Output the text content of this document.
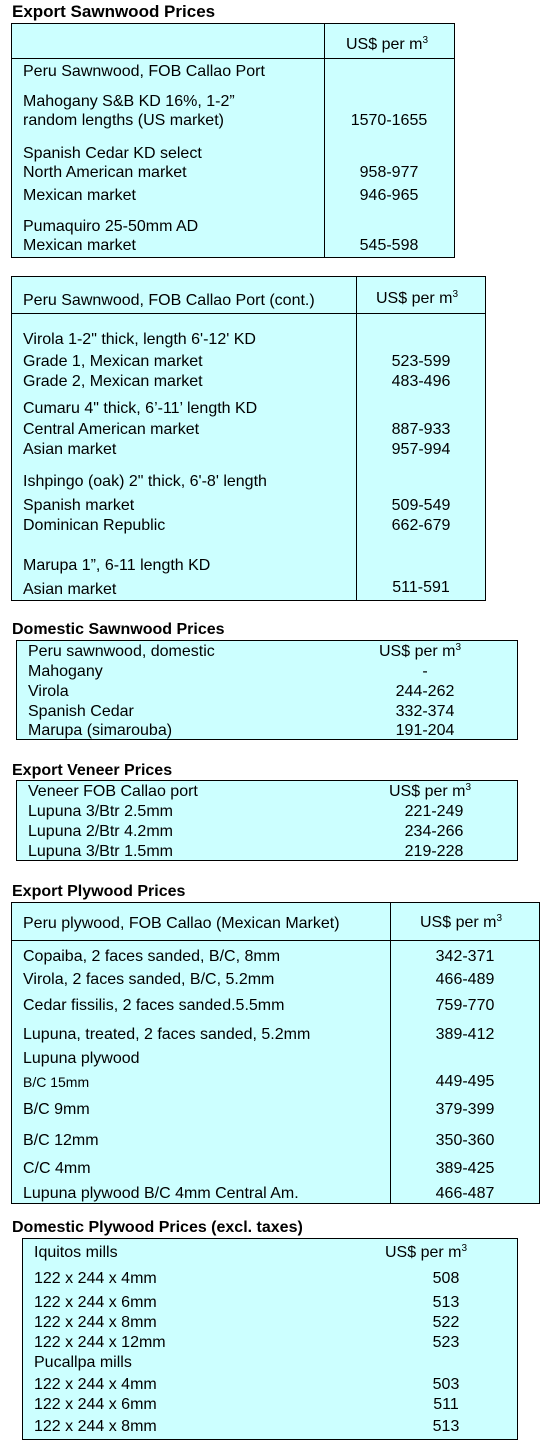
Export Sawnwood Prices
US$ per $m^3$
Peru Sawnwood, FOB Callao Port
Mahogany S&B KD 16%, 1-2”
random lengths (US market)	1570-1655
Spanish Cedar KD select
North American market	958-977
Mexican market	946-965
Pumaquiro 25-50mm AD
Mexican market	545-598
Peru Sawnwood, FOB Callao Port (cont.)	US$ per $m^3$
Virola 1-2" thick, length 6'-12' KD
Grade 1, Mexican market	523-599
Grade 2, Mexican market	483-496
Cumaru 4" thick, 6’-11’ length KD
Central American market	887-933
Asian market	957-994
Ishpingo (oak) 2" thick, 6'-8' length
Spanish market	509-549
Dominican Republic	662-679
Marupa 1”, 6-11 length KD
Asian market	511-591
Domestic Sawnwood Prices
Peru sawnwood, domestic	US$ per $m^3$
Mahogany	-
Virola	244-262
Spanish Cedar	332-374
Marupa (simarouba)	191-204
Export Veneer Prices
Veneer FOB Callao port	US$ per $m^3$
Lupuna 3/Btr 2.5mm	221-249
Lupuna 2/Btr 4.2mm	234-266
Lupuna 3/Btr 1.5mm	219-228
Export Plywood Prices
Peru plywood, FOB Callao (Mexican Market)	US$ per $m^3$
Copaiba, 2 faces sanded, B/C, 8mm	342-371
Virola, 2 faces sanded, B/C, 5.2mm	466-489
Cedar fissilis, 2 faces sanded.5.5mm	759-770
Lupuna, treated, 2 faces sanded, 5.2mm	389-412
Lupuna plywood
B/C 15mm	449-495
B/C 9mm	379-399
B/C 12mm	350-360
C/C 4mm	389-425
Lupuna plywood B/C 4mm Central Am.	466-487
Domestic Plywood Prices (excl. taxes)
Iquitos mills	US$ per $m^3$
122 x 244 x 4mm	508
122 x 244 x 6mm	513
122 x 244 x 8mm	522
122 x 244 x 12mm	523
Pucallpa mills
122 x 244 x 4mm	503
122 x 244 x 6mm	511
122 x 244 x 8mm	513
